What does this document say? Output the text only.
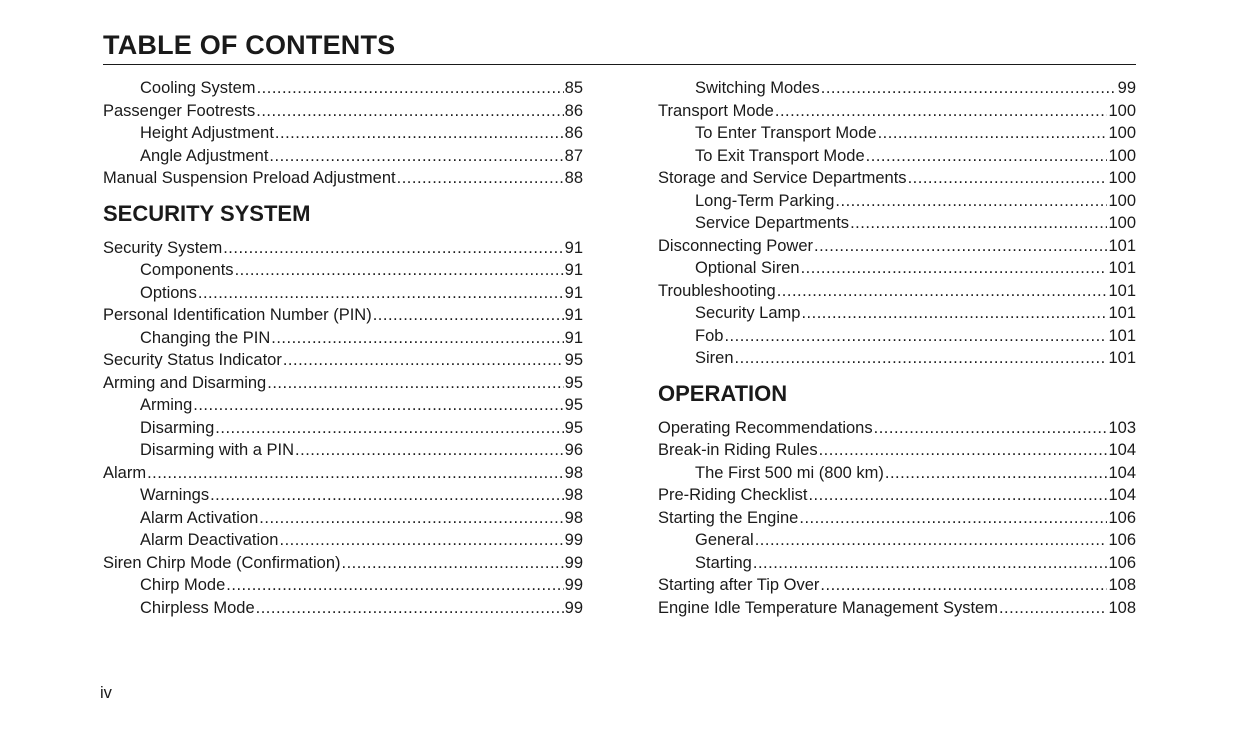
TABLE OF CONTENTS
Cooling System .....	85
Passenger Footrests .....	86
Height Adjustment .....	86
Angle Adjustment .....	87
Manual Suspension Preload Adjustment .....	88
SECURITY SYSTEM
Security System .....	91
Components .....	91
Options .....	91
Personal Identification Number (PIN) .....	91
Changing the PIN .....	91
Security Status Indicator .....	95
Arming and Disarming .....	95
Arming .....	95
Disarming .....	95
Disarming with a PIN .....	96
Alarm .....	98
Warnings .....	98
Alarm Activation .....	98
Alarm Deactivation .....	99
Siren Chirp Mode (Confirmation) .....	99
Chirp Mode .....	99
Chirpless Mode .....	99
Switching Modes .....	99
Transport Mode .....	100
To Enter Transport Mode .....	100
To Exit Transport Mode .....	100
Storage and Service Departments .....	100
Long-Term Parking .....	100
Service Departments .....	100
Disconnecting Power .....	101
Optional Siren .....	101
Troubleshooting .....	101
Security Lamp .....	101
Fob .....	101
Siren .....	101
OPERATION
Operating Recommendations .....	103
Break-in Riding Rules .....	104
The First 500 mi (800 km) .....	104
Pre-Riding Checklist .....	104
Starting the Engine .....	106
General .....	106
Starting .....	106
Starting after Tip Over .....	108
Engine Idle Temperature Management System .....	108
iv
